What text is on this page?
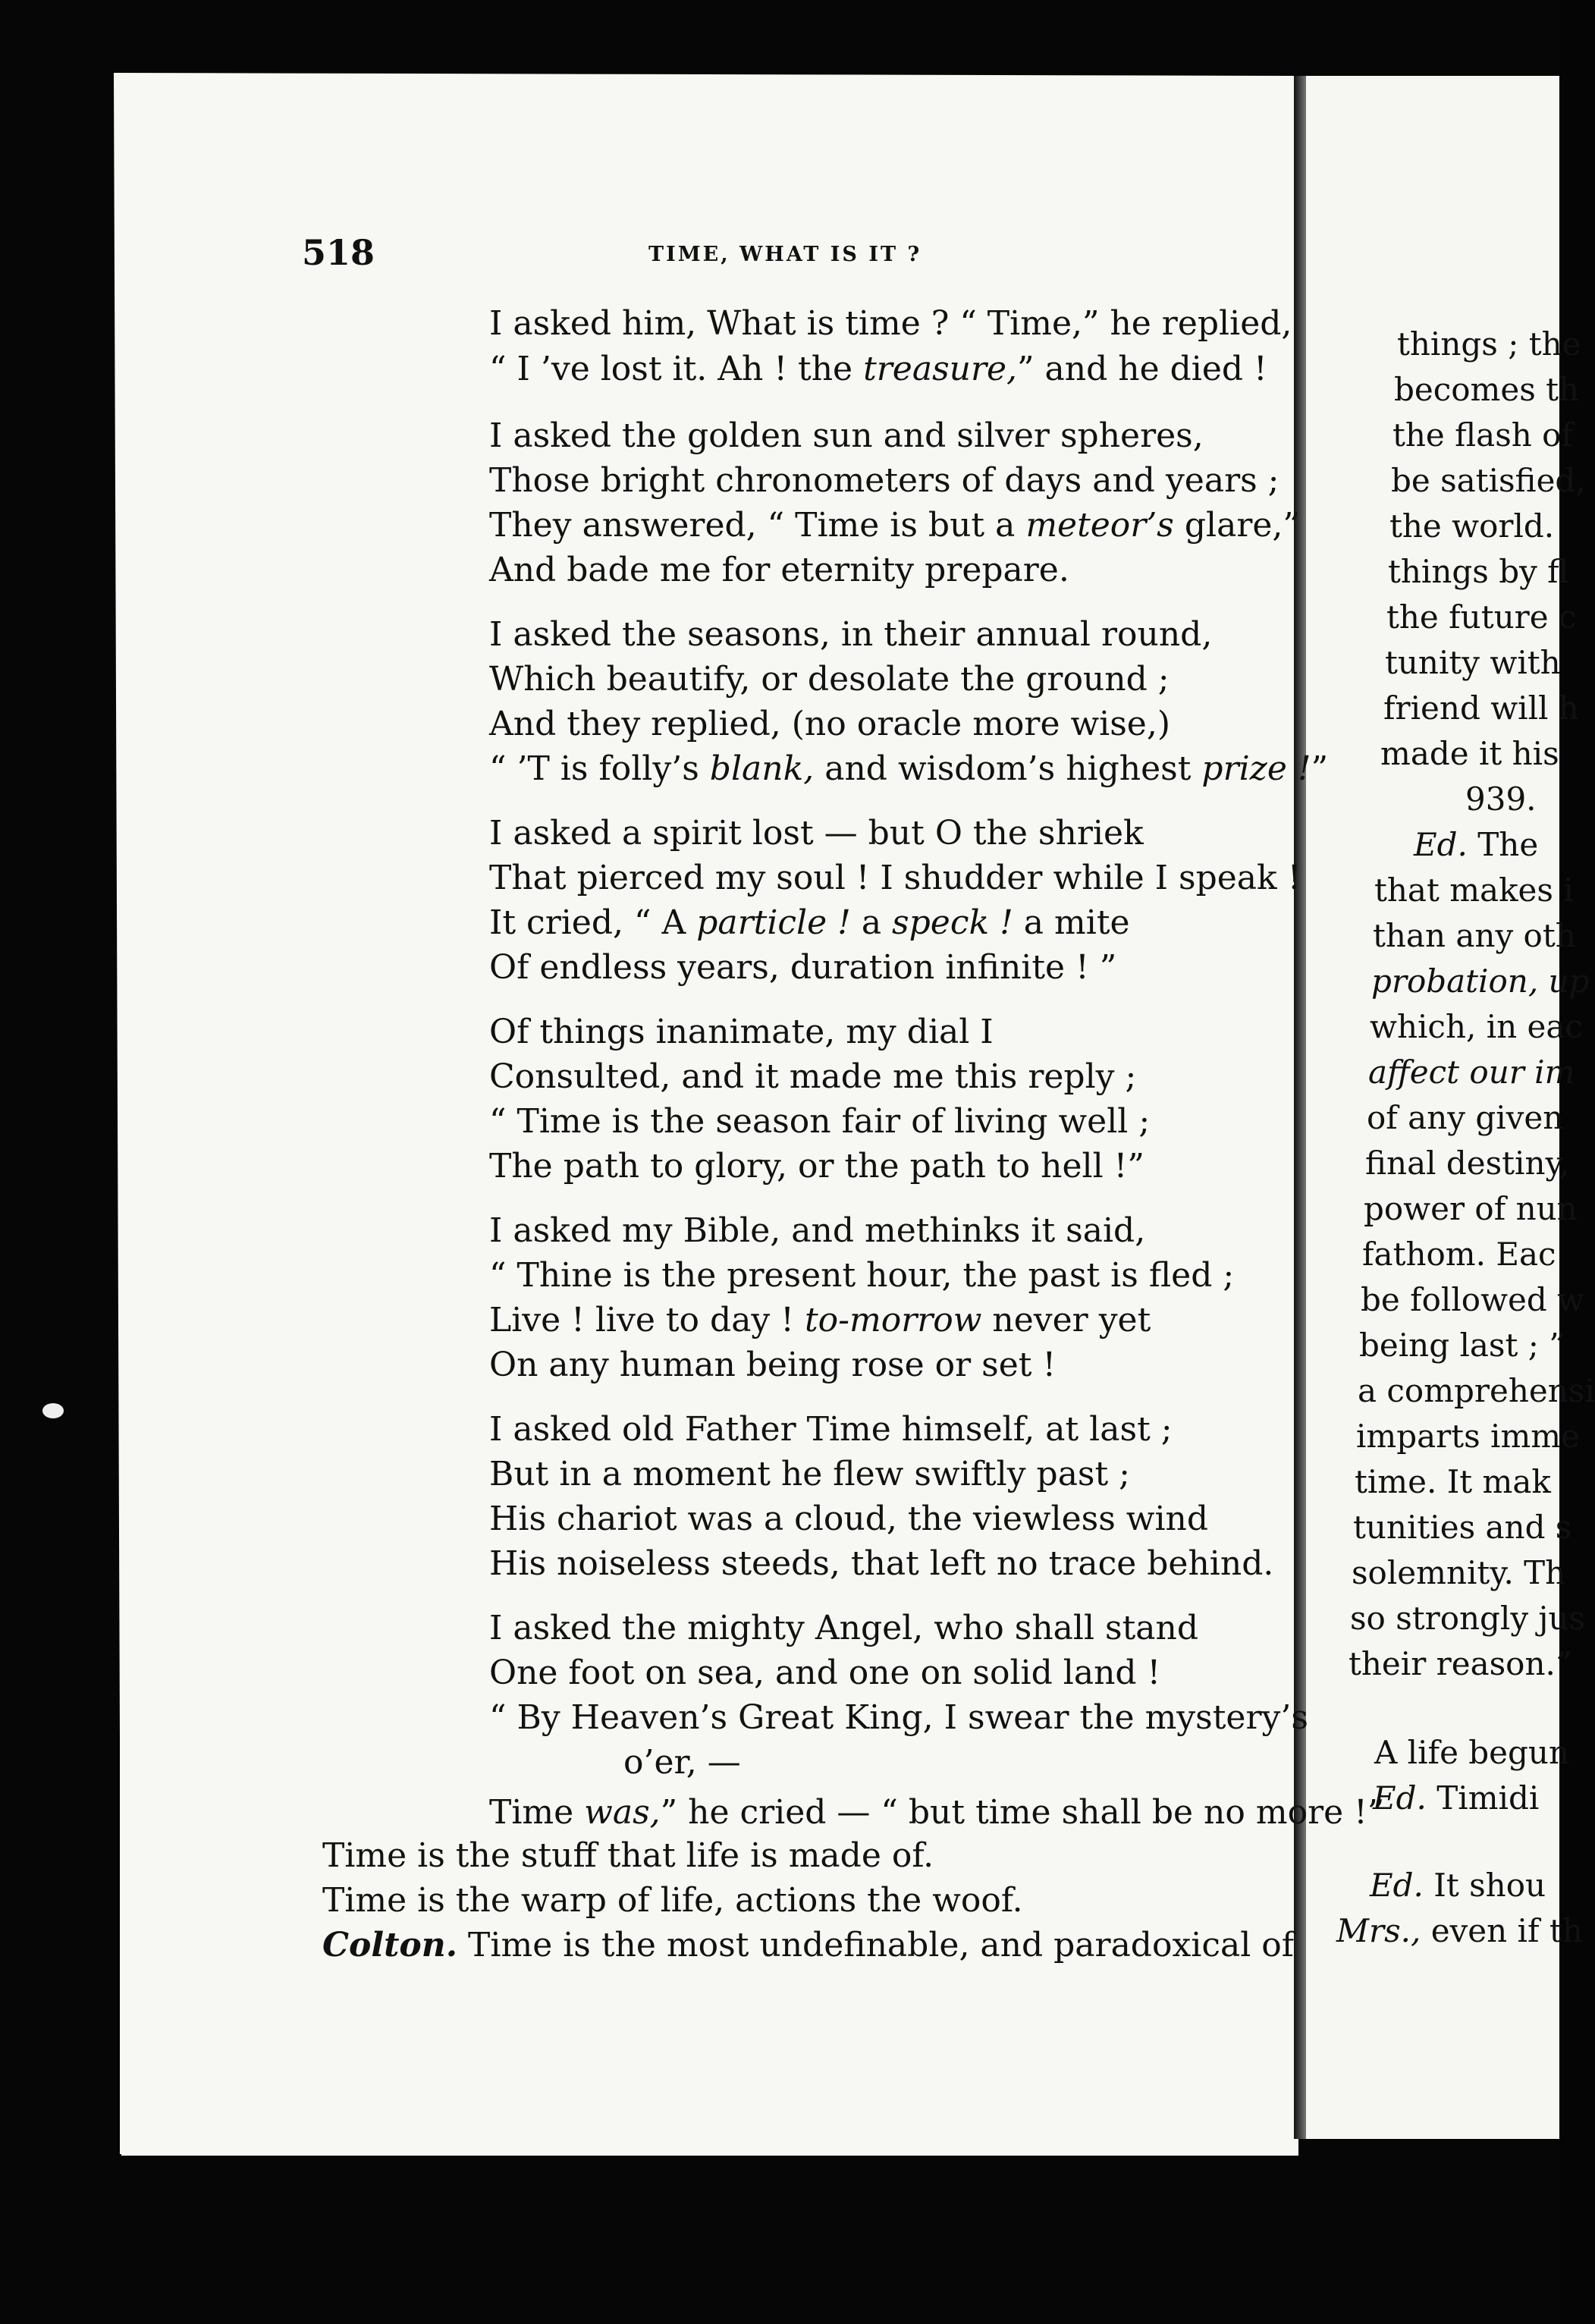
518	TIME, WHAT IS IT ?
I asked him, What is time ? “ Time,” he replied,
“ I ’ve lost it. Ah ! the treasure,” and he died !
I asked the golden sun and silver spheres,
Those bright chronometers of days and years ;
They answered, “ Time is but a meteor’s glare,”
And bade me for eternity prepare.
I asked the seasons, in their annual round,
Which beautify, or desolate the ground ;
And they replied, (no oracle more wise,)
“ ’T is folly’s blank, and wisdom’s highest prize !”
I asked a spirit lost — but O the shriek
That pierced my soul ! I shudder while I speak !
It cried, “ A particle ! a speck ! a mite
Of endless years, duration infinite ! ”
Of things inanimate, my dial I
Consulted, and it made me this reply ;
“ Time is the season fair of living well ;
The path to glory, or the path to hell !”
I asked my Bible, and methinks it said,
“ Thine is the present hour, the past is fled ;
Live ! live to day ! to-morrow never yet
On any human being rose or set !
I asked old Father Time himself, at last ;
But in a moment he flew swiftly past ;
His chariot was a cloud, the viewless wind
His noiseless steeds, that left no trace behind.
I asked the mighty Angel, who shall stand
One foot on sea, and one on solid land !
“ By Heaven’s Great King, I swear the mystery’s
o’er, —
Time was,” he cried — “ but time shall be no more !”
Time is the stuff that life is made of.
Time is the warp of life, actions the woof.
Colton. Time is the most undefinable, and paradoxical of
things ; the
becomes th
the flash of
be satisfied,
the world.
things by fl
the future c
tunity with
friend will h
made it his
939.
Ed. The
that makes i
than any oth
probation, up
which, in eac
affect our im
of any given
final destiny,
power of nun
fathom. Eac
be followed w
being last ; ”
a comprehensi
imparts imme
time. It mak
tunities and s
solemnity. Th
so strongly jus
their reason.”
A life begun
Ed. Timidi
Ed. It shou
Mrs., even if th
